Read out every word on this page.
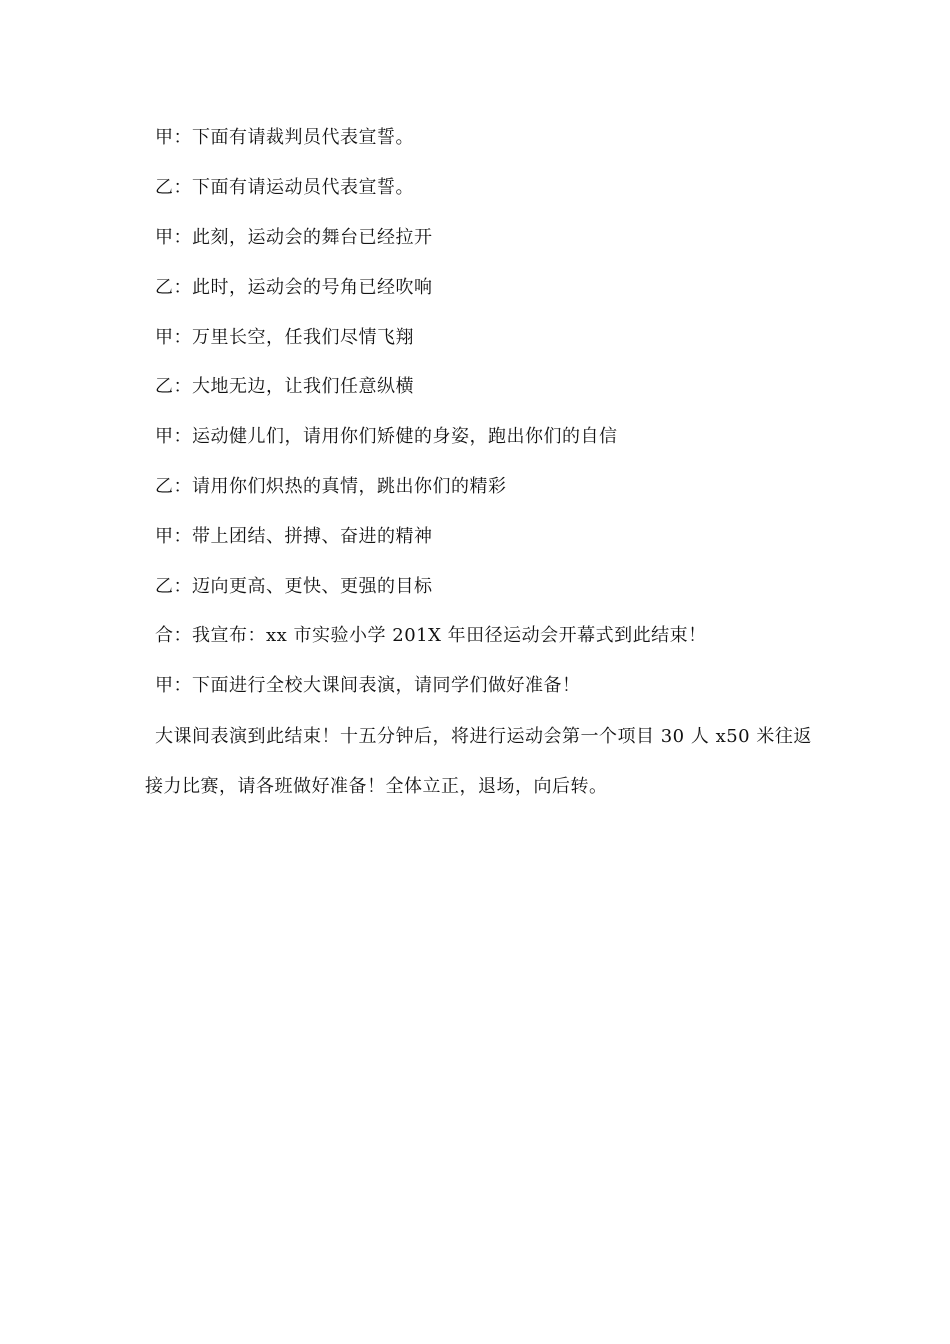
甲：下面有请裁判员代表宣誓。
乙：下面有请运动员代表宣誓。
甲：此刻，运动会的舞台已经拉开
乙：此时，运动会的号角已经吹响
甲：万里长空，任我们尽情飞翔
乙：大地无边，让我们任意纵横
甲：运动健儿们，请用你们矫健的身姿，跑出你们的自信
乙：请用你们炽热的真情，跳出你们的精彩
甲：带上团结、拼搏、奋进的精神
乙：迈向更高、更快、更强的目标
合：我宣布：xx 市实验小学 201X 年田径运动会开幕式到此结束！
甲：下面进行全校大课间表演，请同学们做好准备！
大课间表演到此结束！十五分钟后，将进行运动会第一个项目 30 人 x50 米往返
接力比赛，请各班做好准备！全体立正，退场，向后转。
